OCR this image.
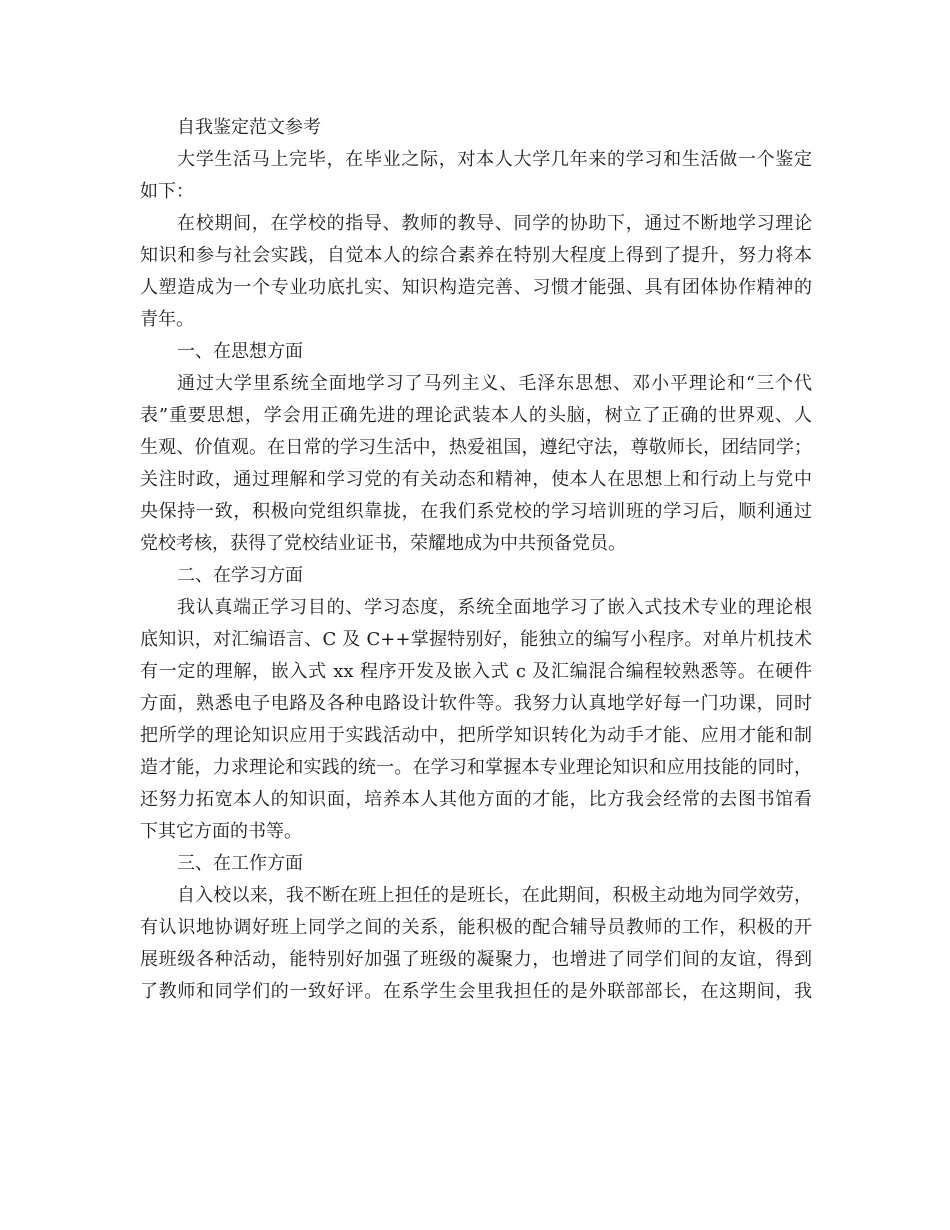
自我鉴定范文参考
大学生活马上完毕，在毕业之际，对本人大学几年来的学习和生活做一个鉴定
如下：
在校期间，在学校的指导、教师的教导、同学的协助下，通过不断地学习理论
知识和参与社会实践，自觉本人的综合素养在特别大程度上得到了提升，努力将本
人塑造成为一个专业功底扎实、知识构造完善、习惯才能强、具有团体协作精神的
青年。
一、在思想方面
通过大学里系统全面地学习了马列主义、毛泽东思想、邓小平理论和“三个代
表”重要思想，学会用正确先进的理论武装本人的头脑，树立了正确的世界观、人
生观、价值观。在日常的学习生活中，热爱祖国，遵纪守法，尊敬师长，团结同学；
关注时政，通过理解和学习党的有关动态和精神，使本人在思想上和行动上与党中
央保持一致，积极向党组织靠拢，在我们系党校的学习培训班的学习后，顺利通过
党校考核，获得了党校结业证书，荣耀地成为中共预备党员。
二、在学习方面
我认真端正学习目的、学习态度，系统全面地学习了嵌入式技术专业的理论根
底知识，对汇编语言、C 及 C++掌握特别好，能独立的编写小程序。对单片机技术
有一定的理解，嵌入式 xx 程序开发及嵌入式 c 及汇编混合编程较熟悉等。在硬件
方面，熟悉电子电路及各种电路设计软件等。我努力认真地学好每一门功课，同时
把所学的理论知识应用于实践活动中，把所学知识转化为动手才能、应用才能和制
造才能，力求理论和实践的统一。在学习和掌握本专业理论知识和应用技能的同时，
还努力拓宽本人的知识面，培养本人其他方面的才能，比方我会经常的去图书馆看
下其它方面的书等。
三、在工作方面
自入校以来，我不断在班上担任的是班长，在此期间，积极主动地为同学效劳，
有认识地协调好班上同学之间的关系，能积极的配合辅导员教师的工作，积极的开
展班级各种活动，能特别好加强了班级的凝聚力，也增进了同学们间的友谊，得到
了教师和同学们的一致好评。在系学生会里我担任的是外联部部长，在这期间，我
